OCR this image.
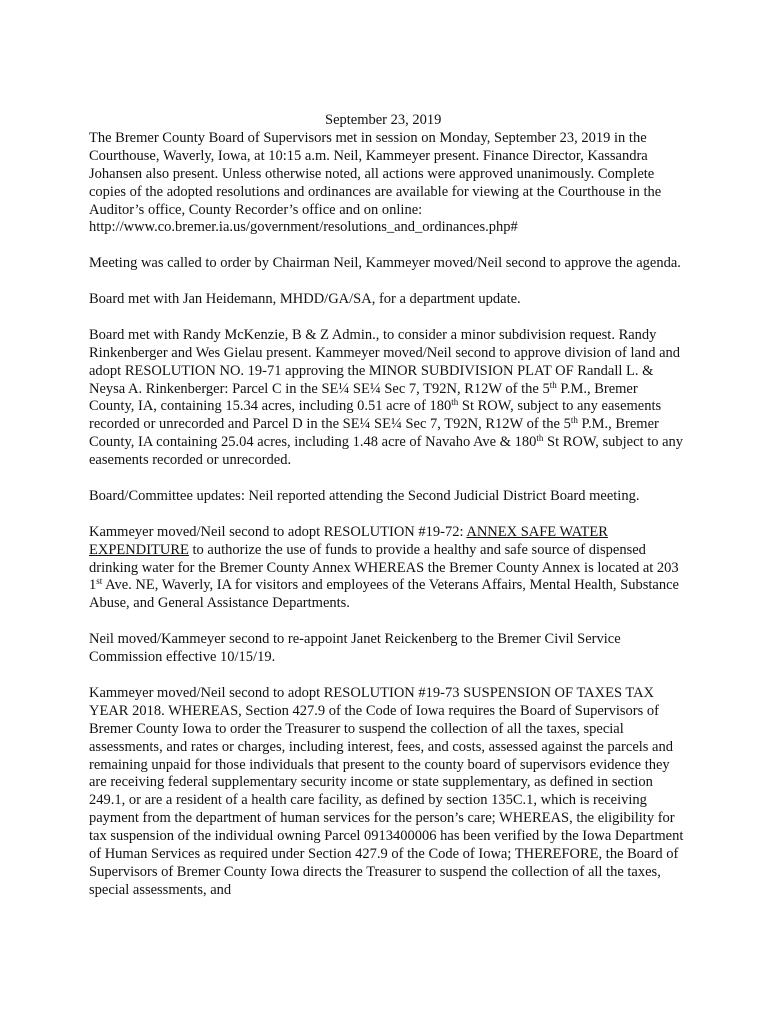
September 23, 2019

The Bremer County Board of Supervisors met in session on Monday, September 23, 2019 in the Courthouse, Waverly, Iowa, at 10:15 a.m. Neil, Kammeyer present. Finance Director, Kassandra Johansen also present. Unless otherwise noted, all actions were approved unanimously. Complete copies of the adopted resolutions and ordinances are available for viewing at the Courthouse in the Auditor’s office, County Recorder’s office and on online: http://www.co.bremer.ia.us/government/resolutions_and_ordinances.php#

Meeting was called to order by Chairman Neil, Kammeyer moved/Neil second to approve the agenda.

Board met with Jan Heidemann, MHDD/GA/SA, for a department update.

Board met with Randy McKenzie, B & Z Admin., to consider a minor subdivision request. Randy Rinkenberger and Wes Gielau present. Kammeyer moved/Neil second to approve division of land and adopt RESOLUTION NO. 19-71 approving the MINOR SUBDIVISION PLAT OF Randall L. & Neysa A. Rinkenberger: Parcel C in the SE¼ SE¼ Sec 7, T92N, R12W of the 5th P.M., Bremer County, IA, containing 15.34 acres, including 0.51 acre of 180th St ROW, subject to any easements recorded or unrecorded and Parcel D in the SE¼ SE¼ Sec 7, T92N, R12W of the 5th P.M., Bremer County, IA containing 25.04 acres, including 1.48 acre of Navaho Ave & 180th St ROW, subject to any easements recorded or unrecorded.

Board/Committee updates: Neil reported attending the Second Judicial District Board meeting.

Kammeyer moved/Neil second to adopt RESOLUTION #19-72: ANNEX SAFE WATER EXPENDITURE to authorize the use of funds to provide a healthy and safe source of dispensed drinking water for the Bremer County Annex WHEREAS the Bremer County Annex is located at 203 1st Ave. NE, Waverly, IA for visitors and employees of the Veterans Affairs, Mental Health, Substance Abuse, and General Assistance Departments.

Neil moved/Kammeyer second to re-appoint Janet Reickenberg to the Bremer Civil Service Commission effective 10/15/19.

Kammeyer moved/Neil second to adopt RESOLUTION #19-73 SUSPENSION OF TAXES TAX YEAR 2018. WHEREAS, Section 427.9 of the Code of Iowa requires the Board of Supervisors of Bremer County Iowa to order the Treasurer to suspend the collection of all the taxes, special assessments, and rates or charges, including interest, fees, and costs, assessed against the parcels and remaining unpaid for those individuals that present to the county board of supervisors evidence they are receiving federal supplementary security income or state supplementary, as defined in section 249.1, or are a resident of a health care facility, as defined by section 135C.1, which is receiving payment from the department of human services for the person’s care; WHEREAS, the eligibility for tax suspension of the individual owning Parcel 0913400006 has been verified by the Iowa Department of Human Services as required under Section 427.9 of the Code of Iowa; THEREFORE, the Board of Supervisors of Bremer County Iowa directs the Treasurer to suspend the collection of all the taxes, special assessments, and
